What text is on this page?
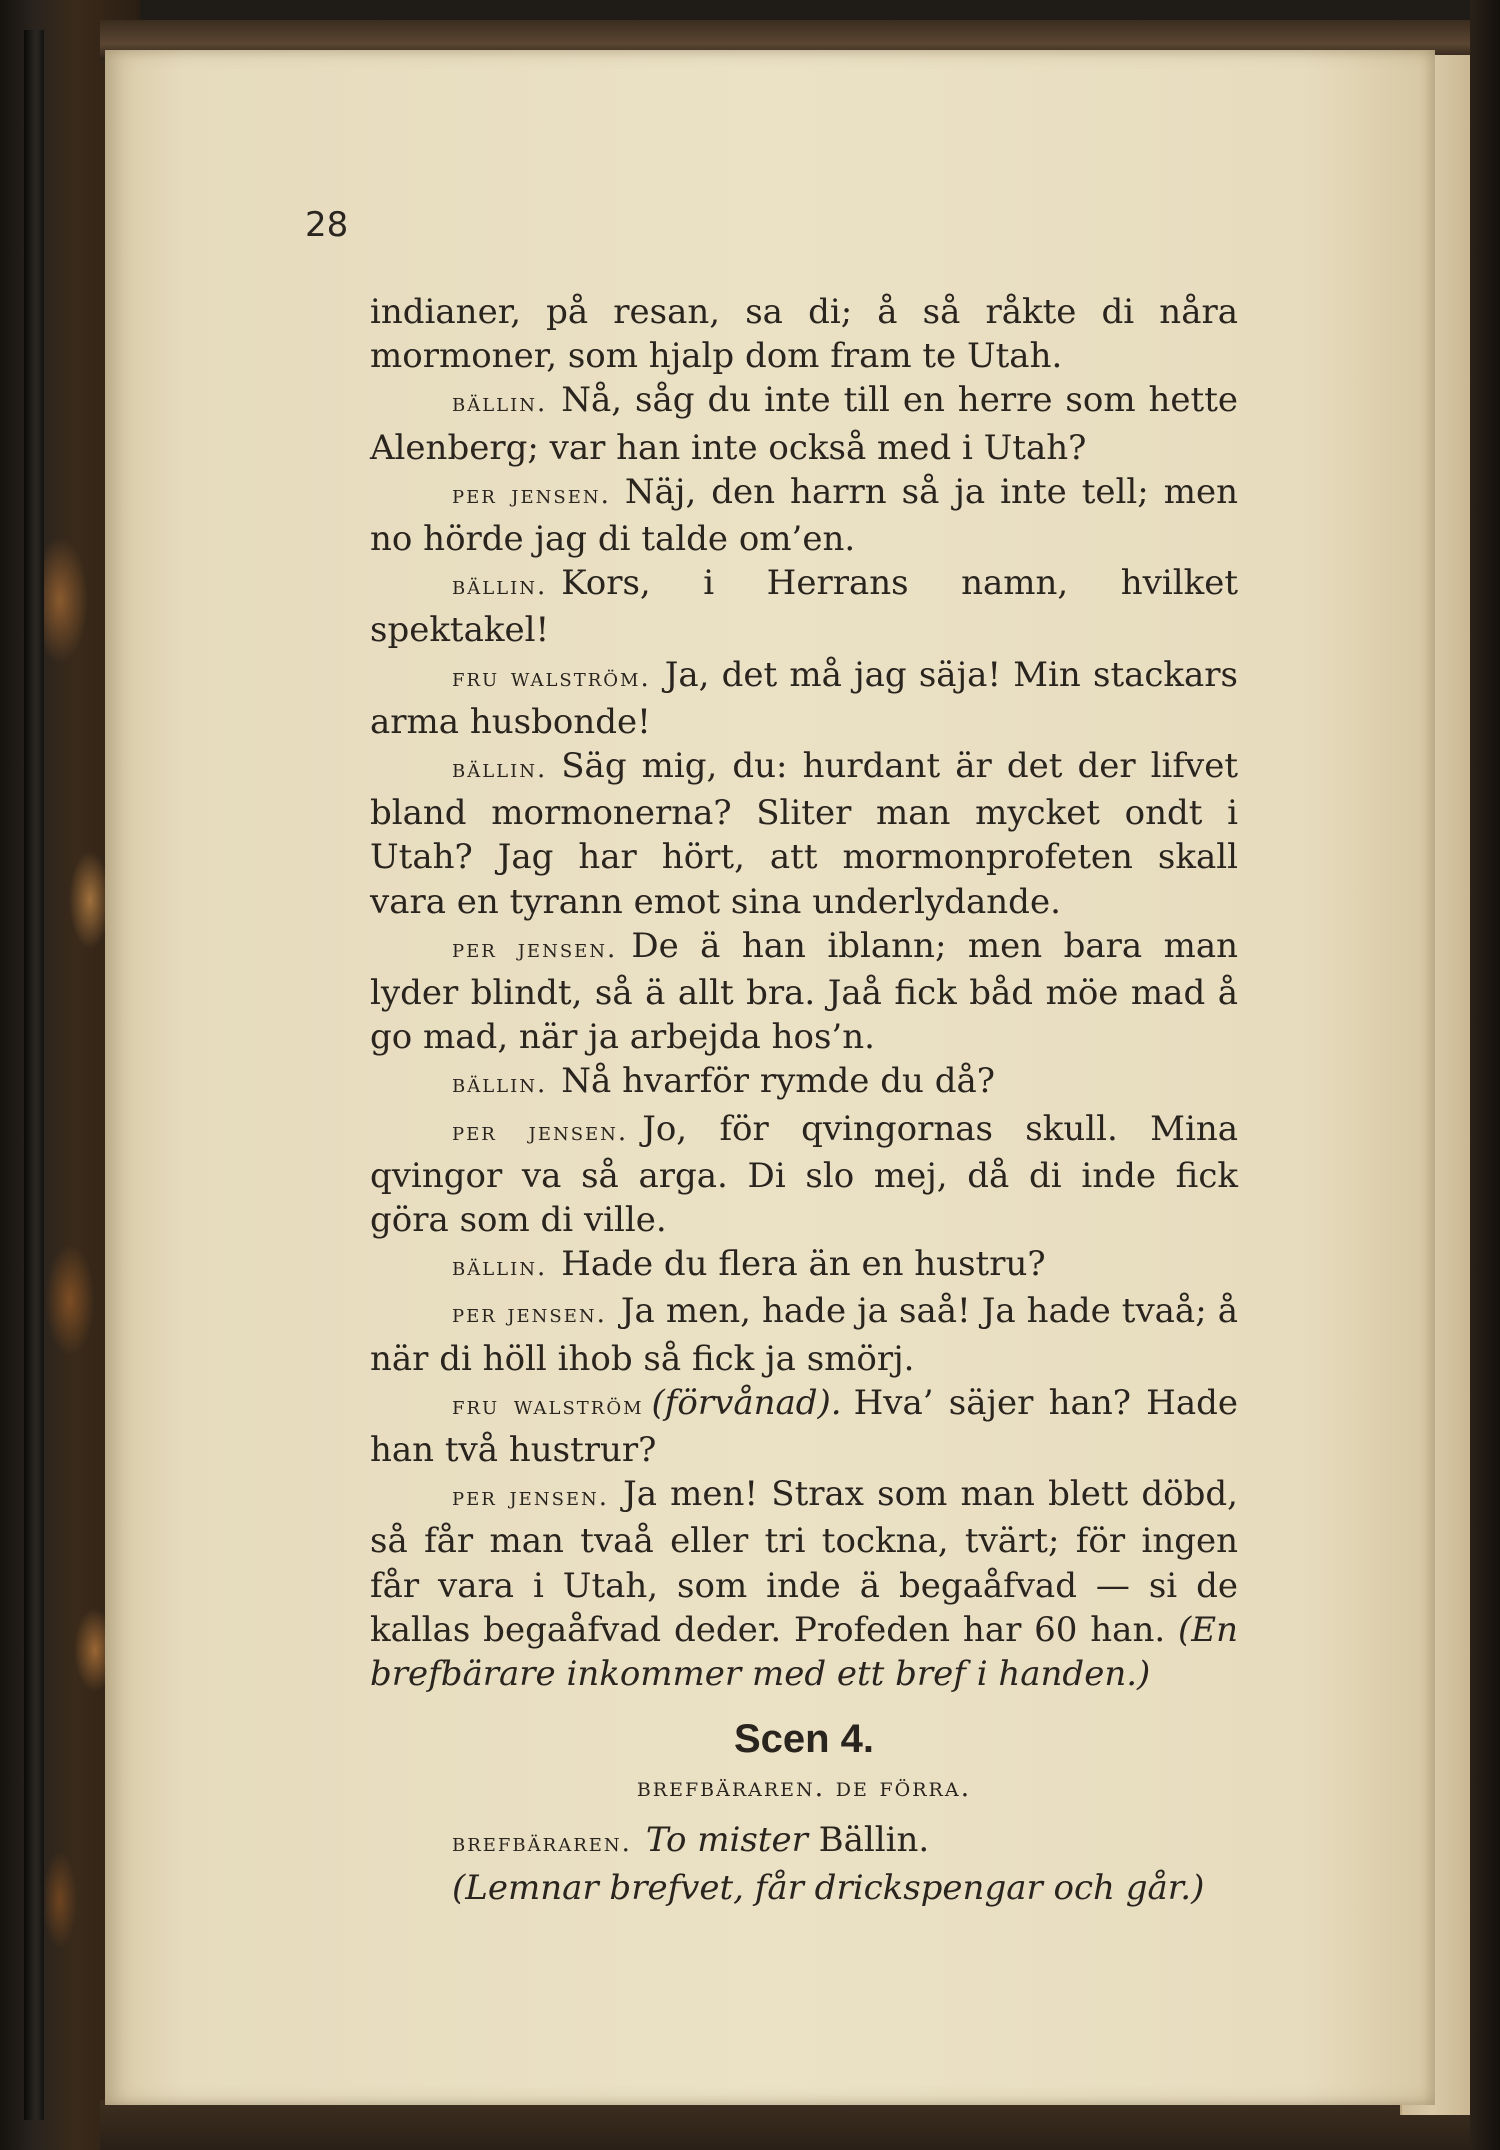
28

indianer, på resan, sa di; å så råkte di nåra mormoner, som hjalp dom fram te Utah.

bällin. Nå, såg du inte till en herre som hette Alenberg; var han inte också med i Utah?

per jensen. Näj, den harrn så ja inte tell; men no hörde jag di talde om’en.

bällin. Kors, i Herrans namn, hvilket spektakel!

fru walström. Ja, det må jag säja! Min stackars arma husbonde!

bällin. Säg mig, du: hurdant är det der lifvet bland mormonerna? Sliter man mycket ondt i Utah? Jag har hört, att mormonprofeten skall vara en tyrann emot sina underlydande.

per jensen. De ä han iblann; men bara man lyder blindt, så ä allt bra. Jaå fick båd möe mad å go mad, när ja arbejda hos’n.

bällin. Nå hvarför rymde du då?

per jensen. Jo, för qvingornas skull. Mina qvingor va så arga. Di slo mej, då di inde fick göra som di ville.

bällin. Hade du flera än en hustru?

per jensen. Ja men, hade ja saå! Ja hade tvaå; å när di höll ihob så fick ja smörj.

fru walström (förvånad). Hva’ säjer han? Hade han två hustrur?

per jensen. Ja men! Strax som man blett döbd, så får man tvaå eller tri tockna, tvärt; för ingen får vara i Utah, som inde ä begaåfvad — si de kallas begaåfvad deder. Profeden har 60 han. (En brefbärare inkommer med ett bref i handen.)

Scen 4.
brefbäraren. de förra.

brefbäraren. To mister Bällin.

(Lemnar brefvet, får drickspengar och går.)
